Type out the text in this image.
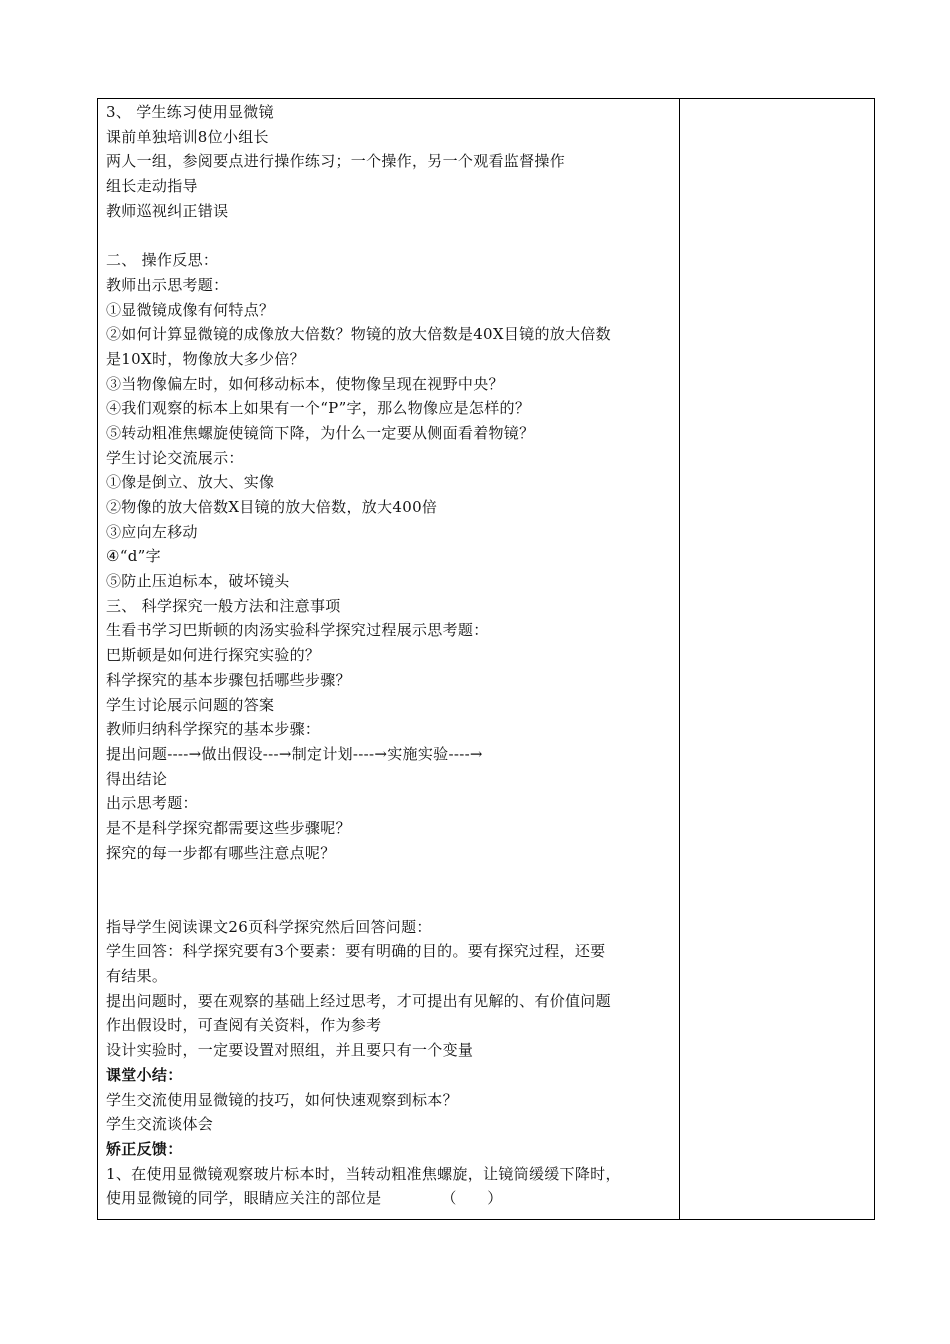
3、 学生练习使用显微镜
课前单独培训8位小组长
两人一组，参阅要点进行操作练习；一个操作，另一个观看监督操作
组长走动指导
教师巡视纠正错误
二、 操作反思：
教师出示思考题：
①显微镜成像有何特点？
②如何计算显微镜的成像放大倍数？物镜的放大倍数是40X目镜的放大倍数
是10X时，物像放大多少倍？
③当物像偏左时，如何移动标本，使物像呈现在视野中央？
④我们观察的标本上如果有一个“P”字，那么物像应是怎样的？
⑤转动粗准焦螺旋使镜筒下降，为什么一定要从侧面看着物镜？
学生讨论交流展示：
①像是倒立、放大、实像
②物像的放大倍数X目镜的放大倍数，放大400倍
③应向左移动
④“d”字
⑤防止压迫标本，破坏镜头
三、 科学探究一般方法和注意事项
生看书学习巴斯顿的肉汤实验科学探究过程展示思考题：
巴斯顿是如何进行探究实验的？
科学探究的基本步骤包括哪些步骤？
学生讨论展示问题的答案
教师归纳科学探究的基本步骤：
提出问题----→做出假设---→制定计划----→实施实验----→
得出结论
出示思考题：
是不是科学探究都需要这些步骤呢？
探究的每一步都有哪些注意点呢？
指导学生阅读课文26页科学探究然后回答问题：
学生回答：科学探究要有3个要素：要有明确的目的。要有探究过程，还要
有结果。
提出问题时，要在观察的基础上经过思考，才可提出有见解的、有价值问题
作出假设时，可查阅有关资料，作为参考
设计实验时，一定要设置对照组，并且要只有一个变量
课堂小结：
学生交流使用显微镜的技巧，如何快速观察到标本？
学生交流谈体会
矫正反馈：
1、在使用显微镜观察玻片标本时，当转动粗准焦螺旋，让镜筒缓缓下降时，
使用显微镜的同学，眼睛应关注的部位是	（　　）
